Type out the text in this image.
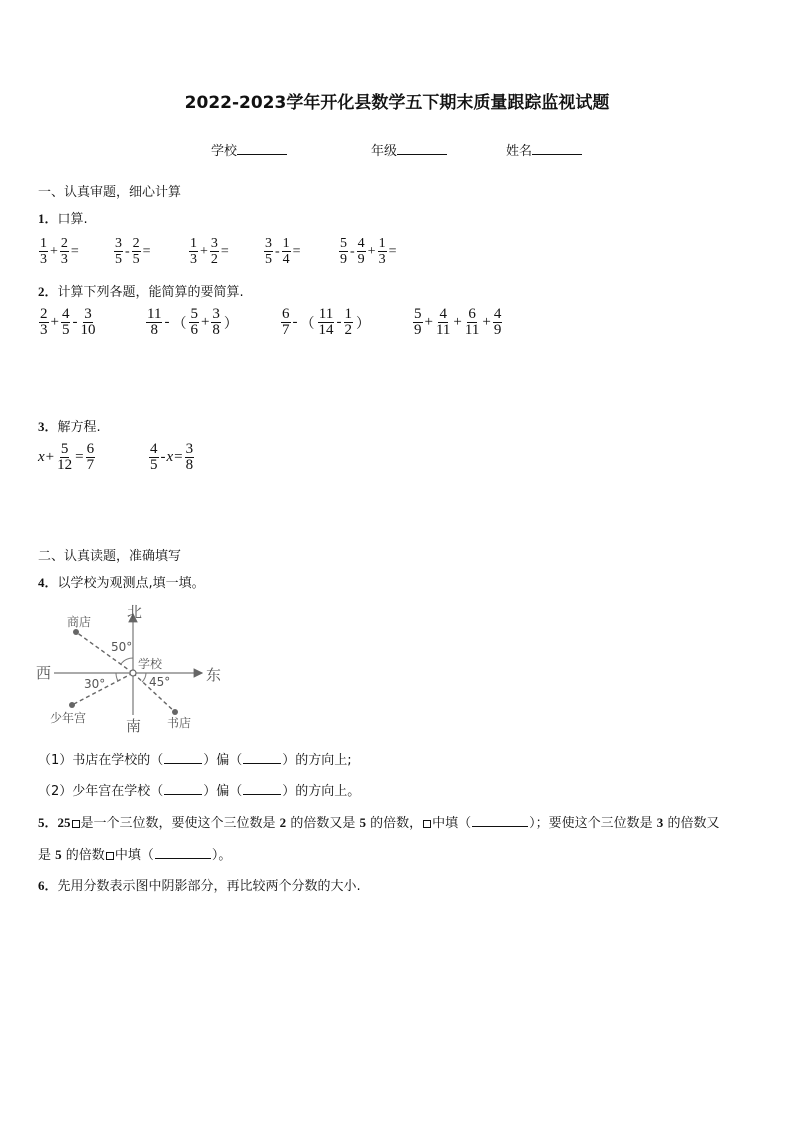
2022-2023学年开化县数学五下期末质量跟踪监视试题
学校	年级	姓名
一、认真审题，细心计算
1．口算.
$\frac{1}{3} + \frac{2}{3}$ =	$\frac{3}{5} - \frac{2}{5}$ =	$\frac{1}{3} + \frac{3}{2}$ =	$\frac{3}{5} - \frac{1}{4}$ =	$\frac{5}{9} - \frac{4}{9} + \frac{1}{3}$ =
2．计算下列各题，能简算的要简算.
$\frac{2}{3} + \frac{4}{5} - \frac{3}{10}$	$\frac{11}{8}$ - （ $\frac{5}{6} + \frac{3}{8}$ ）	$\frac{6}{7}$ - （ $\frac{11}{14} - \frac{1}{2}$ ）	$\frac{5}{9} + \frac{4}{11} + \frac{6}{11} + \frac{4}{9}$
3．解方程.
$x + \frac{5}{12} = \frac{6}{7}$	$\frac{4}{5} - x = \frac{3}{8}$
二、认真读题，准确填写
4．以学校为观测点,填一填。
北
西	东
南
学校
商店
少年宫	书店
50°
30°	45°
（1）书店在学校的（	）偏（	）的方向上;
（2）少年宫在学校（	）偏（	）的方向上。
5．25 是一个三位数，要使这个三位数是 2 的倍数又是 5 的倍数， 中填（	）；要使这个三位数是 3 的倍数又
是 5 的倍数 中填（	）。
6．先用分数表示图中阴影部分，再比较两个分数的大小.
